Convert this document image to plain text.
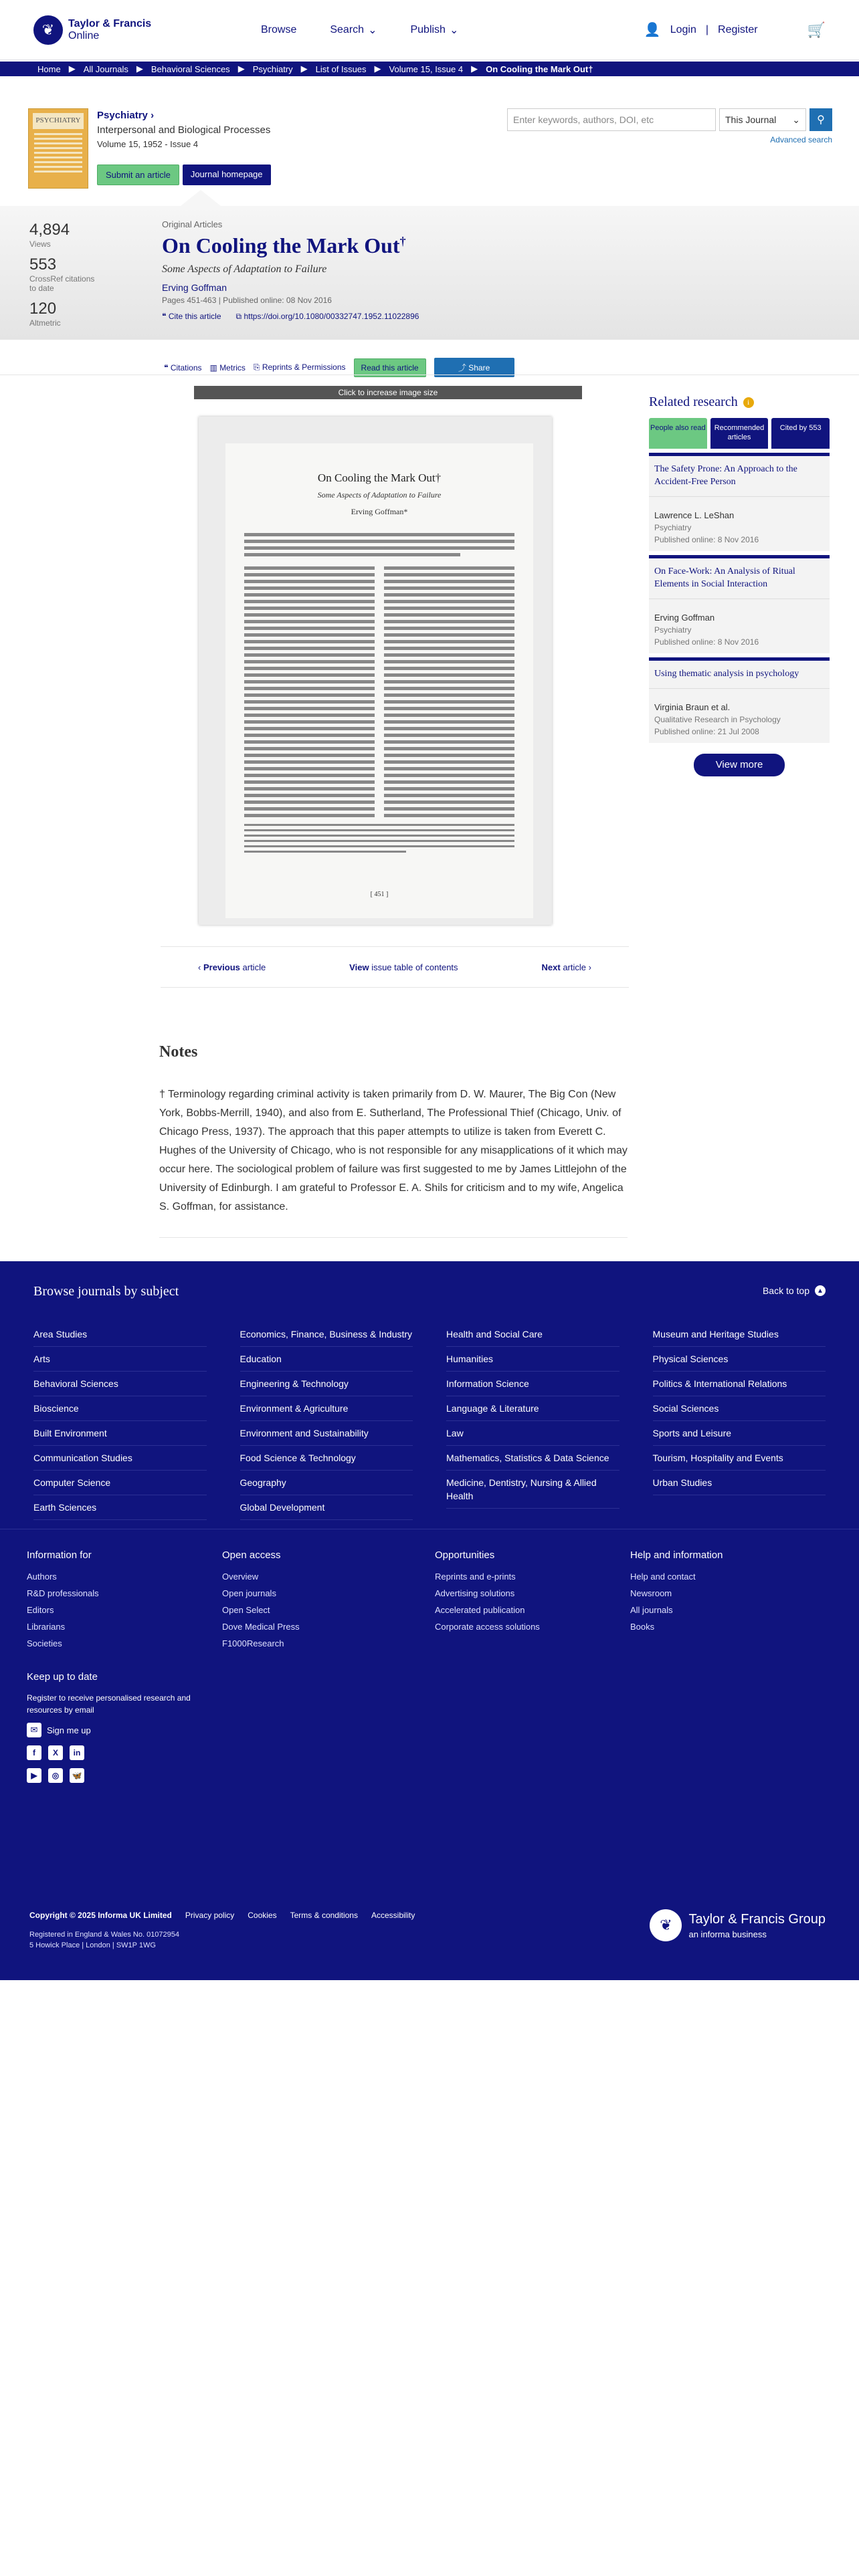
❦	Taylor & Francis
Online
Browse	Search ⌄	Publish ⌄	👤 Login | Register	🛒
Home ▶ All Journals ▶ Behavioral Sciences ▶ Psychiatry ▶ List of Issues ▶ Volume 15, Issue 4 ▶ On Cooling the Mark Out†
PSYCHIATRY Psychiatry ›
Interpersonal and Biological Processes
Volume 15, 1952 - Issue 4
Submit an article	Journal homepage
Enter keywords, authors, DOI, etc	This Journal ⌄ ⚲
Advanced search
4,894
Views
553
CrossRef citations to date
120
Altmetric
Original Articles
On Cooling the Mark Out†
Some Aspects of Adaptation to Failure
Erving Goffman
Pages 451-463 | Published online: 08 Nov 2016
❝ Cite this article ⧉ https://doi.org/10.1080/00332747.1952.11022896
❝ Citations ▥ Metrics ⎘ Reprints & Permissions	Read this article	⤴ Share
Click to increase image size
On Cooling the Mark Out†
Some Aspects of Adaptation to Failure
Erving Goffman*
[ 451 ]
‹ Previous article	View issue table of contents	Next article ›
Notes

† Terminology regarding criminal activity is taken primarily from D. W. Maurer, The Big Con (New York, Bobbs-Merrill, 1940), and also from E. Sutherland, The Professional Thief (Chicago, Univ. of Chicago Press, 1937). The approach that this paper attempts to utilize is taken from Everett C. Hughes of the University of Chicago, who is not responsible for any misapplications of it which may occur here. The sociological problem of failure was first suggested to me by James Littlejohn of the University of Edinburgh. I am grateful to Professor E. A. Shils for criticism and to my wife, Angelica S. Goffman, for assistance.

Related research	i
People also read	Recommended articles
Cited by 553
The Safety Prone: An Approach to the Accident-Free Person
Lawrence L. LeShan
Psychiatry
Published online: 8 Nov 2016
On Face-Work: An Analysis of Ritual Elements in Social Interaction
Erving Goffman
Psychiatry
Published online: 8 Nov 2016
Using thematic analysis in psychology
Virginia Braun et al.
Qualitative Research in Psychology
Published online: 21 Jul 2008
View more
Browse journals by subject	Back to top	▲
Area Studies
Arts
Behavioral Sciences
Bioscience
Built Environment
Communication Studies
Computer Science
Earth Sciences
Economics, Finance, Business & Industry
Education
Engineering & Technology
Environment & Agriculture
Environment and Sustainability
Food Science & Technology
Geography
Global Development
Health and Social Care
Humanities
Information Science
Language & Literature
Law
Mathematics, Statistics & Data Science
Medicine, Dentistry, Nursing & Allied Health
Museum and Heritage Studies
Physical Sciences
Politics & International Relations
Social Sciences
Sports and Leisure
Tourism, Hospitality and Events
Urban Studies
Information for
Authors
R&D professionals
Editors
Librarians
Societies
Open access
Overview
Open journals
Open Select
Dove Medical Press
F1000Research
Opportunities
Reprints and e-prints
Advertising solutions
Accelerated publication
Corporate access solutions
Help and information
Help and contact
Newsroom
All journals
Books
Keep up to date

Register to receive personalised research and resources by email

✉	Sign me up
f	X	in
▶	◎	🦋
Copyright © 2025 Informa UK Limited Privacy policy Cookies Terms & conditions Accessibility
Registered in England & Wales No. 01072954
5 Howick Place | London | SW1P 1WG
❦	Taylor & Francis Group
an informa business
